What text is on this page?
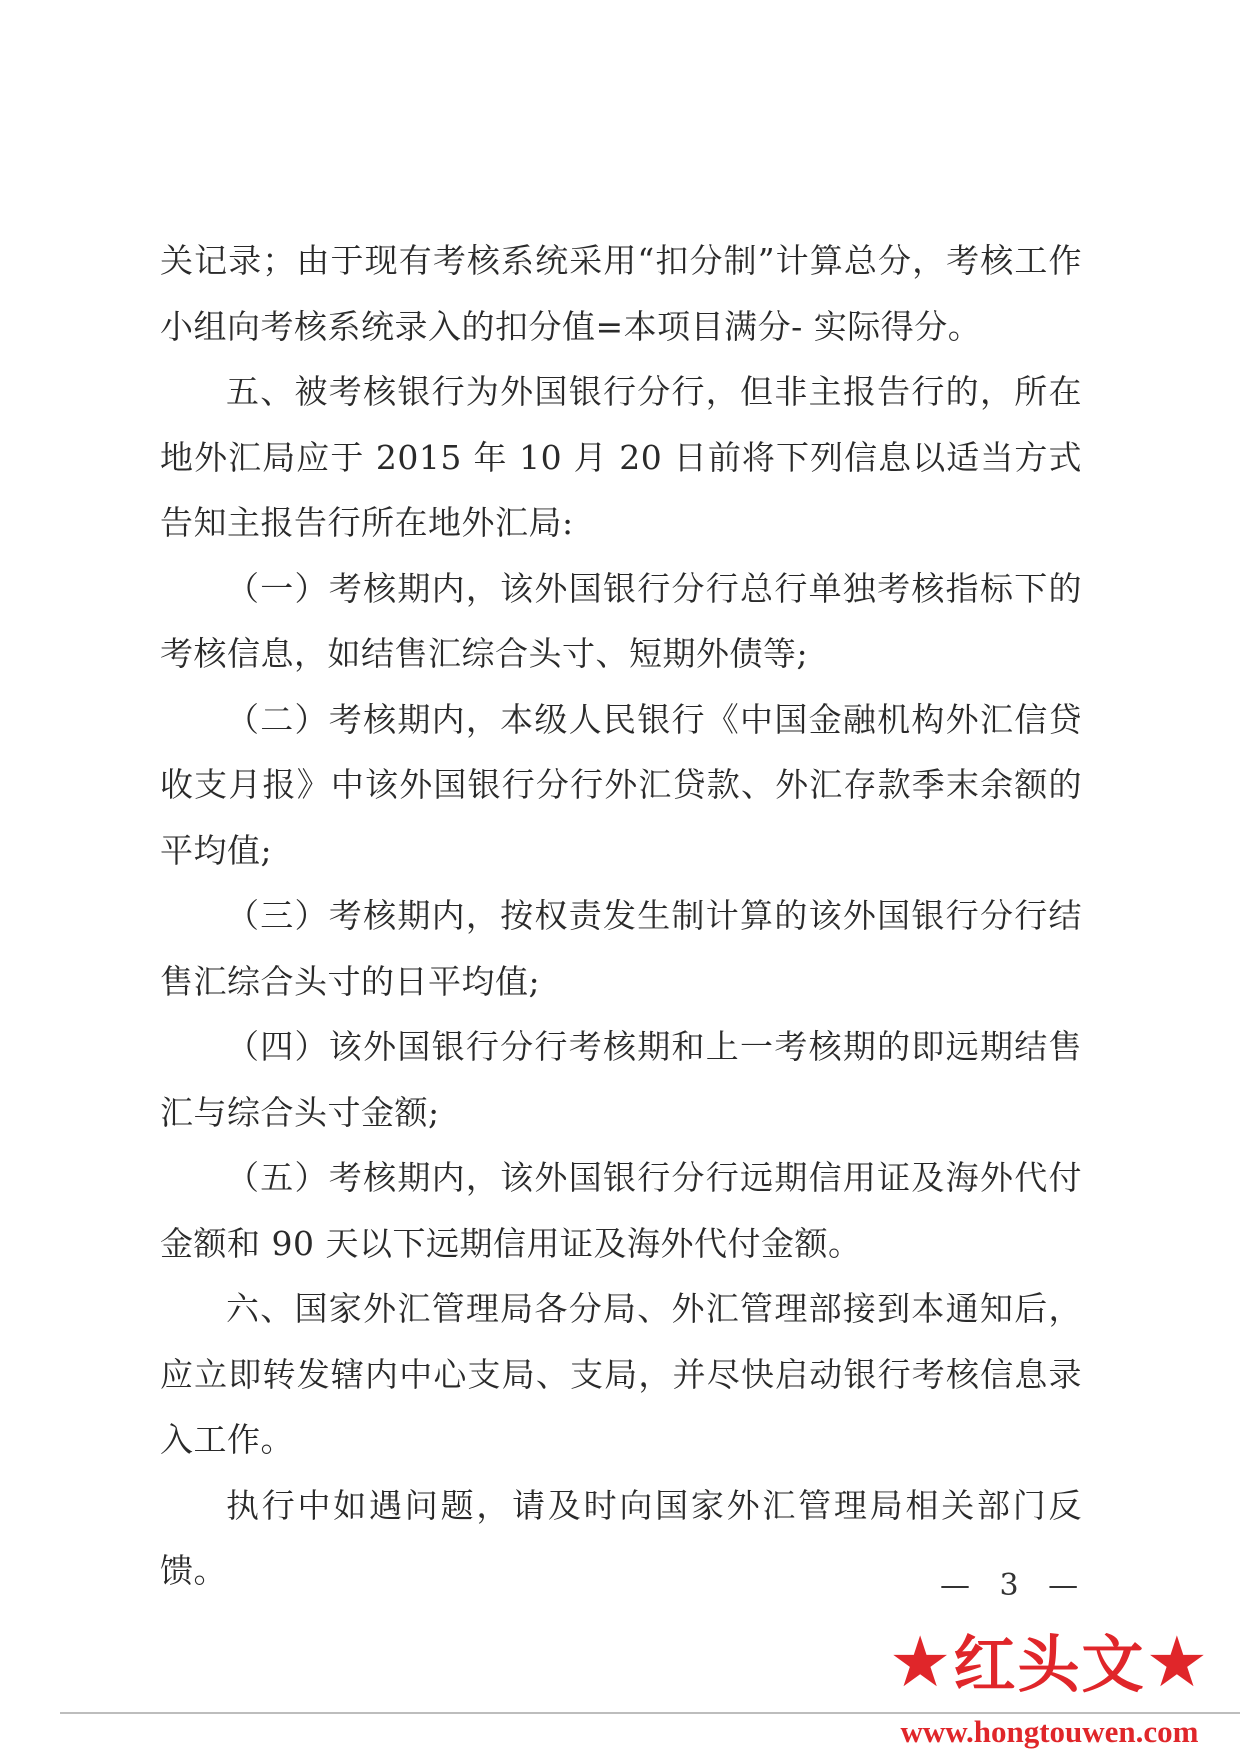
关记录；由于现有考核系统采用“扣分制”计算总分，考核工作小组向考核系统录入的扣分值=本项目满分- 实际得分。

五、被考核银行为外国银行分行，但非主报告行的，所在地外汇局应于 2015 年 10 月 20 日前将下列信息以适当方式告知主报告行所在地外汇局:

（一）考核期内，该外国银行分行总行单独考核指标下的考核信息，如结售汇综合头寸、短期外债等;

（二）考核期内，本级人民银行《中国金融机构外汇信贷收支月报》中该外国银行分行外汇贷款、外汇存款季末余额的平均值;

（三）考核期内，按权责发生制计算的该外国银行分行结售汇综合头寸的日平均值;

（四）该外国银行分行考核期和上一考核期的即远期结售汇与综合头寸金额;

（五）考核期内，该外国银行分行远期信用证及海外代付金额和 90 天以下远期信用证及海外代付金额。

六、国家外汇管理局各分局、外汇管理部接到本通知后，应立即转发辖内中心支局、支局，并尽快启动银行考核信息录入工作。

执行中如遇问题，请及时向国家外汇管理局相关部门反馈。	— 3 —
★红头文★
www.hongtouwen.com
